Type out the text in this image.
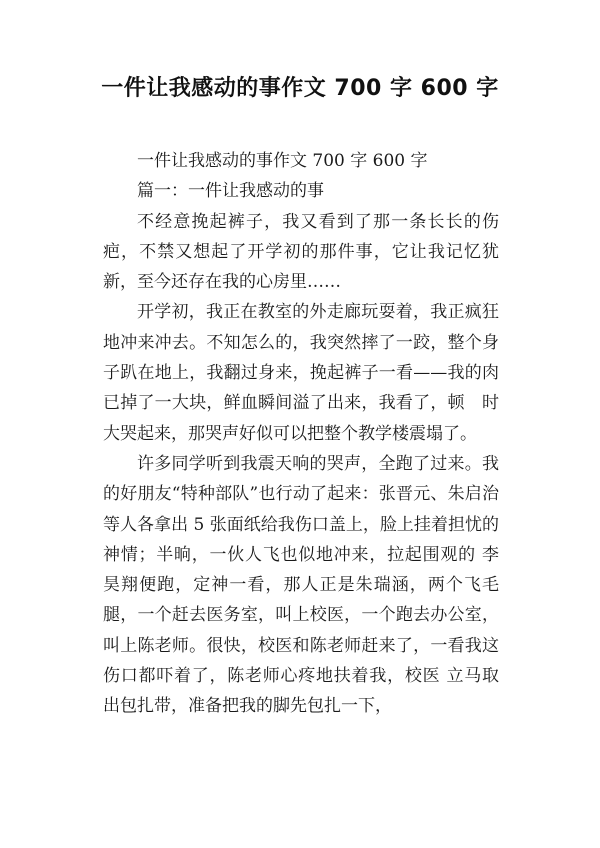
一件让我感动的事作文 700 字 600 字

一件让我感动的事作文 700 字 600 字

篇一：一件让我感动的事

不经意挽起裤子，我又看到了那一条长长的伤疤，不禁又想起了开学初的那件事，它让我记忆犹新，至今还存在我的心房里……

开学初，我正在教室的外走廊玩耍着，我正疯狂地冲来冲去。不知怎么的，我突然摔了一跤，整个身子趴在地上，我翻过身来，挽起裤子一看——我的肉已掉了一大块，鲜血瞬间溢了出来，我看了，顿　时大哭起来，那哭声好似可以把整个教学楼震塌了。

许多同学听到我震天响的哭声，全跑了过来。我的好朋友“特种部队”也行动了起来：张晋元、朱启治等人各拿出 5 张面纸给我伤口盖上，脸上挂着担忧的神情；半晌，一伙人飞也似地冲来，拉起围观的 李昊翔便跑，定神一看，那人正是朱瑞涵，两个飞毛腿，一个赶去医务室，叫上校医，一个跑去办公室，叫上陈老师。很快，校医和陈老师赶来了，一看我这伤口都吓着了，陈老师心疼地扶着我，校医 立马取出包扎带，准备把我的脚先包扎一下，
